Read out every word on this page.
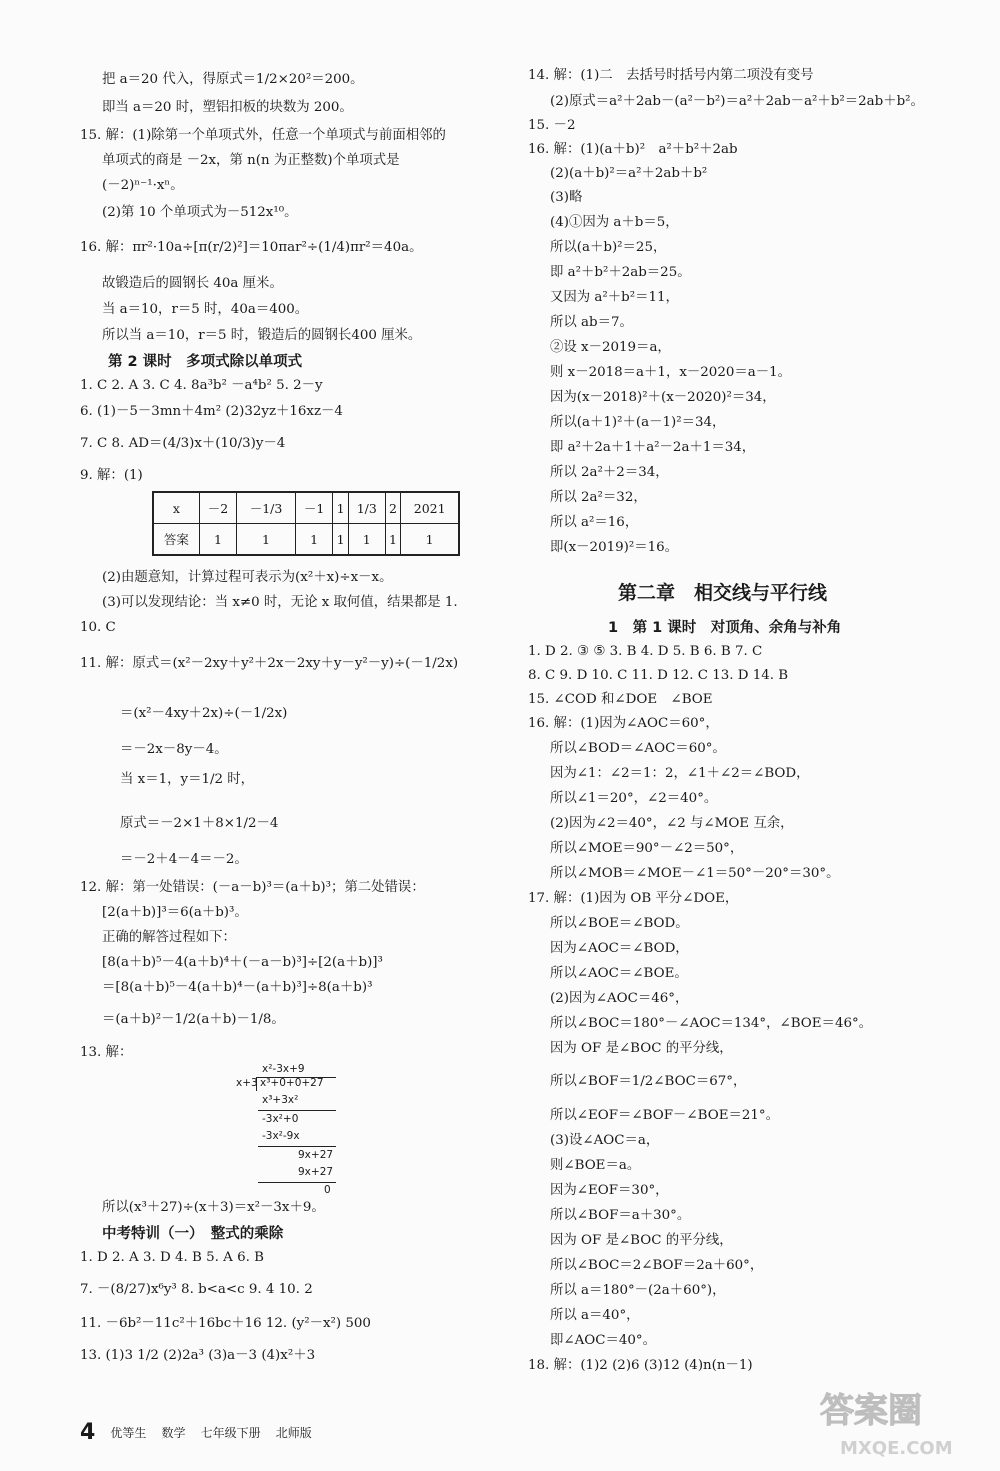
把 a＝20 代入，得原式＝1/2×20²＝200。
即当 a＝20 时，塑铝扣板的块数为 200。
15. 解：(1)除第一个单项式外，任意一个单项式与前面相邻的
单项式的商是 －2x，第 n(n 为正整数)个单项式是
(－2)ⁿ⁻¹·xⁿ。
(2)第 10 个单项式为－512x¹⁰。
16. 解：πr²·10a÷[π(r/2)²]＝10πar²÷(1/4)πr²＝40a。
故锻造后的圆钢长 40a 厘米。
当 a＝10，r＝5 时，40a＝400。
所以当 a＝10，r＝5 时，锻造后的圆钢长400 厘米。
1. C 2. A 3. C 4. 8a³b² －a⁴b² 5. 2－y
6. (1)－5－3mn＋4m² (2)32yz＋16xz－4
7. C 8. AD＝(4/3)x＋(10/3)y－4
9. 解：(1)
(2)由题意知，计算过程可表示为(x²＋x)÷x－x。
(3)可以发现结论：当 x≠0 时，无论 x 取何值，结果都是 1.
10. C
11. 解：原式＝(x²－2xy＋y²＋2x－2xy＋y－y²－y)÷(－1/2x)
＝(x²－4xy＋2x)÷(－1/2x)
＝－2x－8y－4。
当 x＝1，y＝1/2 时，
原式＝－2×1＋8×1/2－4
＝－2＋4－4＝－2。
12. 解：第一处错误：(－a－b)³＝(a＋b)³；第二处错误：
[2(a＋b)]³＝6(a＋b)³。
正确的解答过程如下：
[8(a＋b)⁵－4(a＋b)⁴＋(－a－b)³]÷[2(a＋b)]³
＝[8(a＋b)⁵－4(a＋b)⁴－(a＋b)³]÷8(a＋b)³
＝(a＋b)²－1/2(a＋b)－1/8。
13. 解：
所以(x³＋27)÷(x＋3)＝x²－3x＋9。
1. D 2. A 3. D 4. B 5. A 6. B
7. －(8/27)x⁶y³ 8. b<a<c 9. 4 10. 2
11. －6b²－11c²＋16bc＋16 12. (y²－x²) 500
13. (1)3 1/2 (2)2a³ (3)a－3 (4)x²＋3
第 2 课时　多项式除以单项式
中考特训（一）　整式的乘除
x	－2	－1/3	－1	1	1/3	2	2021
答案	1	1	1	1	1	1	1
x²-3x+9
x+3 x³+0+0+27
x³+3x²
-3x²+0
-3x²-9x
9x+27
9x+27
0
14. 解：(1)二　去括号时括号内第二项没有变号
(2)原式＝a²＋2ab－(a²－b²)＝a²＋2ab－a²＋b²＝2ab＋b²。
15. －2
16. 解：(1)(a＋b)²　a²＋b²＋2ab
(2)(a＋b)²＝a²＋2ab＋b²
(3)略
(4)①因为 a＋b＝5，
所以(a＋b)²＝25，
即 a²＋b²＋2ab＝25。
又因为 a²＋b²＝11，
所以 ab＝7。
②设 x－2019＝a，
则 x－2018＝a＋1，x－2020＝a－1。
因为(x－2018)²＋(x－2020)²＝34，
所以(a＋1)²＋(a－1)²＝34，
即 a²＋2a＋1＋a²－2a＋1＝34，
所以 2a²＋2＝34，
所以 2a²＝32，
所以 a²＝16，
即(x－2019)²＝16。
1. D 2. ③ ⑤ 3. B 4. D 5. B 6. B 7. C
8. C 9. D 10. C 11. D 12. C 13. D 14. B
15. ∠COD 和∠DOE　∠BOE
16. 解：(1)因为∠AOC＝60°，
所以∠BOD＝∠AOC＝60°。
因为∠1：∠2＝1：2，∠1＋∠2＝∠BOD，
所以∠1＝20°，∠2＝40°。
(2)因为∠2＝40°，∠2 与∠MOE 互余，
所以∠MOE＝90°－∠2＝50°，
所以∠MOB＝∠MOE－∠1＝50°－20°＝30°。
17. 解：(1)因为 OB 平分∠DOE，
所以∠BOE＝∠BOD。
因为∠AOC＝∠BOD，
所以∠AOC＝∠BOE。
(2)因为∠AOC＝46°，
所以∠BOC＝180°－∠AOC＝134°，∠BOE＝46°。
因为 OF 是∠BOC 的平分线，
所以∠BOF＝1/2∠BOC＝67°，
所以∠EOF＝∠BOF－∠BOE＝21°。
(3)设∠AOC＝a，
则∠BOE＝a。
因为∠EOF＝30°，
所以∠BOF＝a＋30°。
因为 OF 是∠BOC 的平分线，
所以∠BOC＝2∠BOF＝2a＋60°，
所以 a＝180°－(2a＋60°)，
所以 a＝40°，
即∠AOC＝40°。
18. 解：(1)2 (2)6 (3)12 (4)n(n－1)
第二章　相交线与平行线
1　第 1 课时　对顶角、余角与补角
4 优等生 数学 七年级下册 北师版
答案圈
MXQE.COM
